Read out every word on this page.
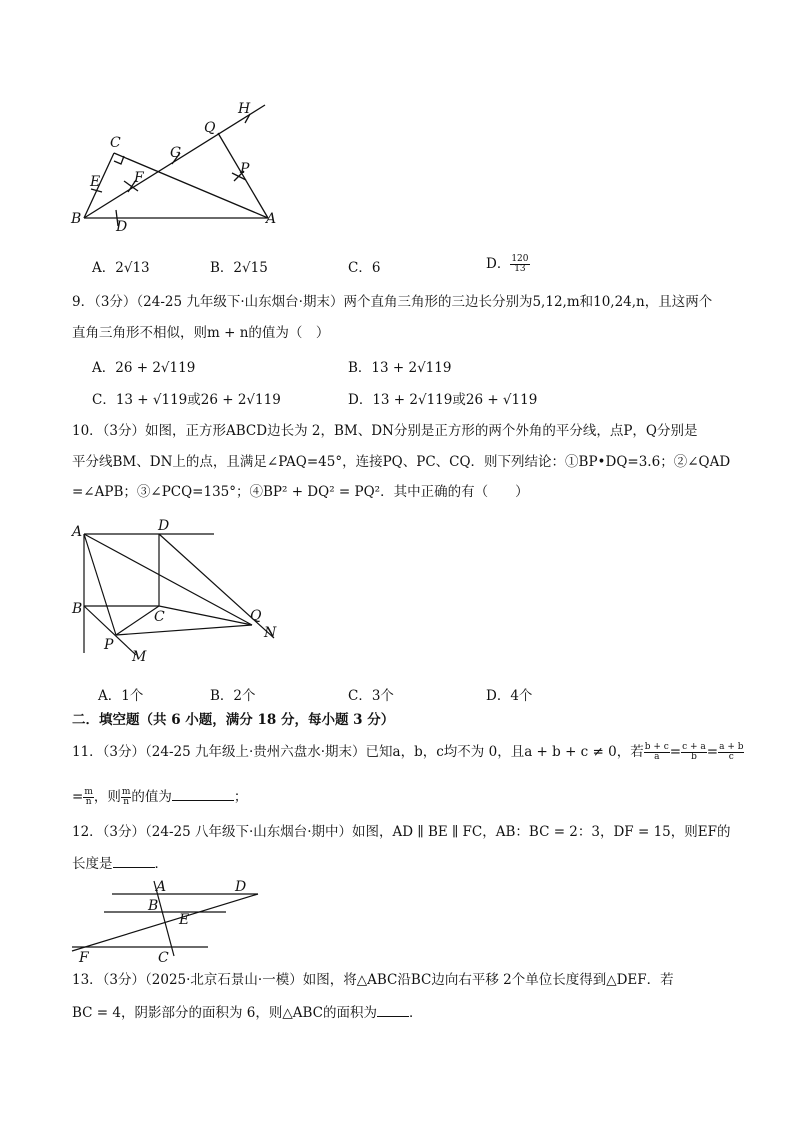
H
Q
C
G
P
E F
B D	A
A．2√13	B．2√15	C．6	D． $\frac{120}{13}$
9．（3分）（24-25 九年级下·山东烟台·期末）两个直角三角形的三边长分别为5,12,m和10,24,n，且这两个
直角三角形不相似，则m + n的值为（　）
A．26 + 2√119	B．13 + 2√119
C．13 + √119或26 + 2√119	D．13 + 2√119或26 + √119
10．（3分）如图，正方形ABCD边长为 2，BM、DN分别是正方形的两个外角的平分线，点P，Q分别是
平分线BM、DN上的点，且满足∠PAQ=45°，连接PQ、PC、CQ．则下列结论：①BP•DQ=3.6；②∠QAD
=∠APB；③∠PCQ=135°；④BP² + DQ² = PQ²．其中正确的有（　　）
A	D
B	C	Q
N
P
M
A．1个	B．2个	C．3个	D．4个
二．填空题（共 6 小题，满分 18 分，每小题 3 分）
11．（3分）（24-25 九年级上·贵州六盘水·期末）已知a，b，c均不为 0，且a + b + c ≠ 0，若 $\frac{b + c}{a} = \frac{c + a}{b} = \frac{a + b}{c}$
= $\frac{m}{n}$ ，则 $\frac{m}{n}$ 的值为	；
12．（3分）（24-25 八年级下·山东烟台·期中）如图，AD ∥ BE ∥ FC，AB：BC = 2：3，DF = 15，则EF的
长度是	．
A	D
B
E
F	C
13．（3分）（2025·北京石景山·一模）如图，将△ABC沿BC边向右平移 2个单位长度得到△DEF．若
BC = 4，阴影部分的面积为 6，则△ABC的面积为 ．
